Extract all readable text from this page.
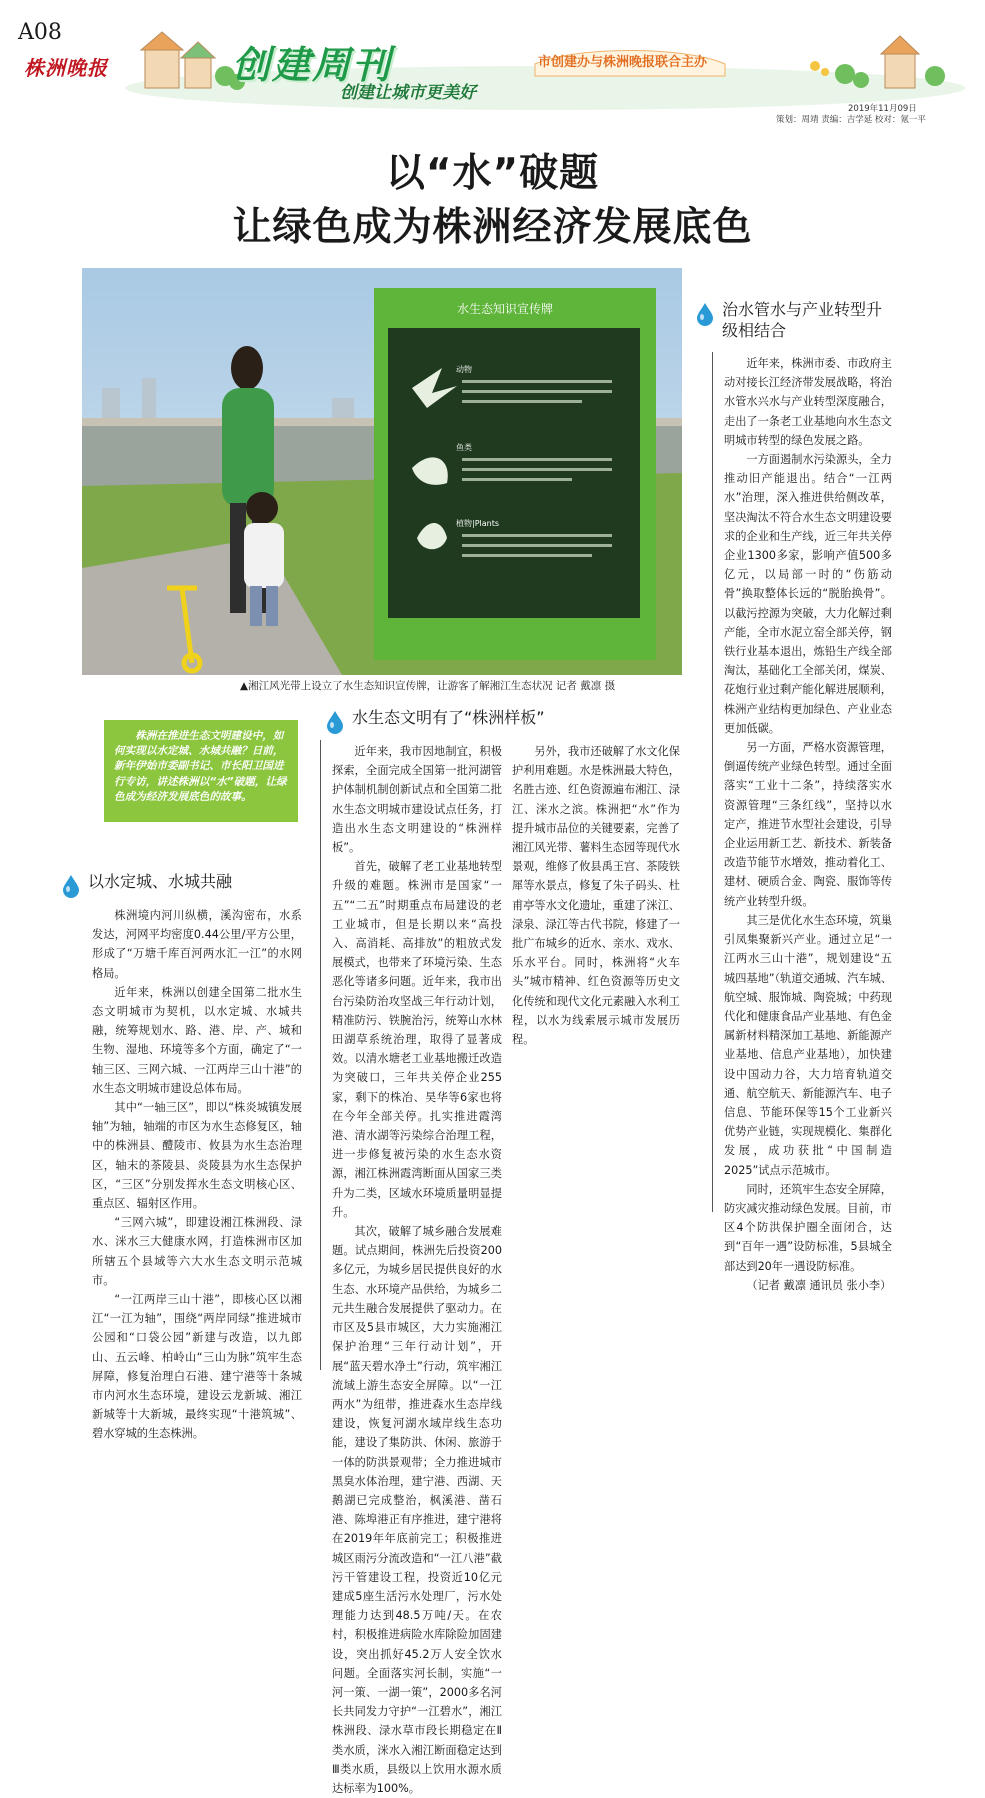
A08
株洲晚报	创建周刊
创建让城市更美好
市创建办与株洲晚报联合主办
2019年11月09日
策划：周靖 责编：吉学延 校对：氪一平
以“水”破题
让绿色成为株洲经济发展底色
水生态知识宣传牌
动物
鱼类
植物|Plants
▲湘江风光带上设立了水生态知识宣传牌，让游客了解湘江生态状况 记者 戴凛 摄
株洲在推进生态文明建设中，如何实现以水定城、水城共融？日前，新年伊始市委副书记、市长阳卫国进行专访，讲述株洲以“水”破题，让绿色成为经济发展底色的故事。
以水定城、水城共融

株洲境内河川纵横，溪沟密布，水系发达，河网平均密度0.44公里/平方公里，形成了“万塘千库百河两水汇一江”的水网格局。

近年来，株洲以创建全国第二批水生态文明城市为契机，以水定城、水城共融，统筹规划水、路、港、岸、产、城和生物、湿地、环境等多个方面，确定了“一轴三区、三网六城、一江两岸三山十港”的水生态文明城市建设总体布局。

其中“一轴三区”，即以“株炎城镇发展轴”为轴，轴端的市区为水生态修复区，轴中的株洲县、醴陵市、攸县为水生态治理区，轴末的茶陵县、炎陵县为水生态保护区，“三区”分别发挥水生态文明核心区、重点区、辐射区作用。

“三网六城”，即建设湘江株洲段、渌水、洣水三大健康水网，打造株洲市区加所辖五个县域等六大水生态文明示范城市。

“一江两岸三山十港”，即核心区以湘江“一江为轴”，围绕“两岸同绿”推进城市公园和“口袋公园”新建与改造，以九郎山、五云峰、柏岭山“三山为脉”筑牢生态屏障，修复治理白石港、建宁港等十条城市内河水生态环境，建设云龙新城、湘江新城等十大新城，最终实现“十港筑城”、碧水穿城的生态株洲。

水生态文明有了“株洲样板”

近年来，我市因地制宜，积极探索，全面完成全国第一批河湖管护体制机制创新试点和全国第二批水生态文明城市建设试点任务，打造出水生态文明建设的“株洲样板”。

首先，破解了老工业基地转型升级的难题。株洲市是国家“一五”“二五”时期重点布局建设的老工业城市，但是长期以来“高投入、高消耗、高排放”的粗放式发展模式，也带来了环境污染、生态恶化等诸多问题。近年来，我市出台污染防治攻坚战三年行动计划，精准防污、铁腕治污，统筹山水林田湖草系统治理，取得了显著成效。以清水塘老工业基地搬迁改造为突破口，三年共关停企业255家，剩下的株冶、昊华等6家也将在今年全部关停。扎实推进霞湾港、清水湖等污染综合治理工程，进一步修复被污染的水生态水资源，湘江株洲霞湾断面从国家三类升为二类，区域水环境质量明显提升。

其次，破解了城乡融合发展难题。试点期间，株洲先后投资200多亿元，为城乡居民提供良好的水生态、水环境产品供给，为城乡二元共生融合发展提供了驱动力。在市区及5县市城区，大力实施湘江保护治理“三年行动计划”，开展“蓝天碧水净土”行动，筑牢湘江流域上游生态安全屏障。以“一江两水”为纽带，推进森水生态岸线建设，恢复河湖水域岸线生态功能，建设了集防洪、休闲、旅游于一体的防洪景观带；全力推进城市黑臭水体治理，建宁港、西湖、天鹅湖已完成整治，枫溪港、凿石港、陈埠港正有序推进，建宁港将在2019年年底前完工；积极推进城区雨污分流改造和“一江八港”截污干管建设工程，投资近10亿元建成5座生活污水处理厂，污水处理能力达到48.5万吨/天。在农村，积极推进病险水库除险加固建设，突出抓好45.2万人安全饮水问题。全面落实河长制，实施“一河一策、一湖一策”，2000多名河长共同发力守护“一江碧水”，湘江株洲段、渌水草市段长期稳定在Ⅱ类水质，洣水入湘江断面稳定达到Ⅲ类水质，县级以上饮用水源水质达标率为100%。

另外，我市还破解了水文化保护利用难题。水是株洲最大特色，名胜古迹、红色资源遍布湘江、渌江、洣水之滨。株洲把“水”作为提升城市品位的关键要素，完善了湘江风光带、薯料生态园等现代水景观，维修了攸县禹王宫、茶陵铁犀等水景点，修复了朱子码头、杜甫亭等水文化遗址，重建了洣江、渌泉、渌江等古代书院，修建了一批广布城乡的近水、亲水、戏水、乐水平台。同时，株洲将“火车头”城市精神、红色资源等历史文化传统和现代文化元素融入水利工程，以水为线索展示城市发展历程。

治水管水与产业转型升级相结合

近年来，株洲市委、市政府主动对接长江经济带发展战略，将治水管水兴水与产业转型深度融合，走出了一条老工业基地向水生态文明城市转型的绿色发展之路。

一方面遏制水污染源头，全力推动旧产能退出。结合“一江两水”治理，深入推进供给侧改革，坚决淘汰不符合水生态文明建设要求的企业和生产线，近三年共关停企业1300多家，影响产值500多亿元，以局部一时的“伤筋动骨”换取整体长远的“脱胎换骨”。以截污控源为突破，大力化解过剩产能，全市水泥立窑全部关停，钢铁行业基本退出，炼铅生产线全部淘汰，基础化工全部关闭，煤炭、花炮行业过剩产能化解进展顺利，株洲产业结构更加绿色、产业业态更加低碳。

另一方面，严格水资源管理，倒逼传统产业绿色转型。通过全面落实“工业十二条”，持续落实水资源管理“三条红线”，坚持以水定产，推进节水型社会建设，引导企业运用新工艺、新技术、新装备改造节能节水增效，推动着化工、建材、硬质合金、陶瓷、服饰等传统产业转型升级。

其三是优化水生态环境，筑巢引凤集聚新兴产业。通过立足“一江两水三山十港”，规划建设“五城四基地”（轨道交通城、汽车城、航空城、服饰城、陶瓷城；中药现代化和健康食品产业基地、有色金属新材料精深加工基地、新能源产业基地、信息产业基地），加快建设中国动力谷，大力培育轨道交通、航空航天、新能源汽车、电子信息、节能环保等15个工业新兴优势产业链，实现规模化、集群化发展，成功获批“中国制造2025”试点示范城市。

同时，还筑牢生态安全屏障，防灾减灾推动绿色发展。目前，市区4个防洪保护圈全面闭合，达到“百年一遇”设防标准，5县城全部达到20年一遇设防标准。

（记者 戴凛 通讯员 张小李）
